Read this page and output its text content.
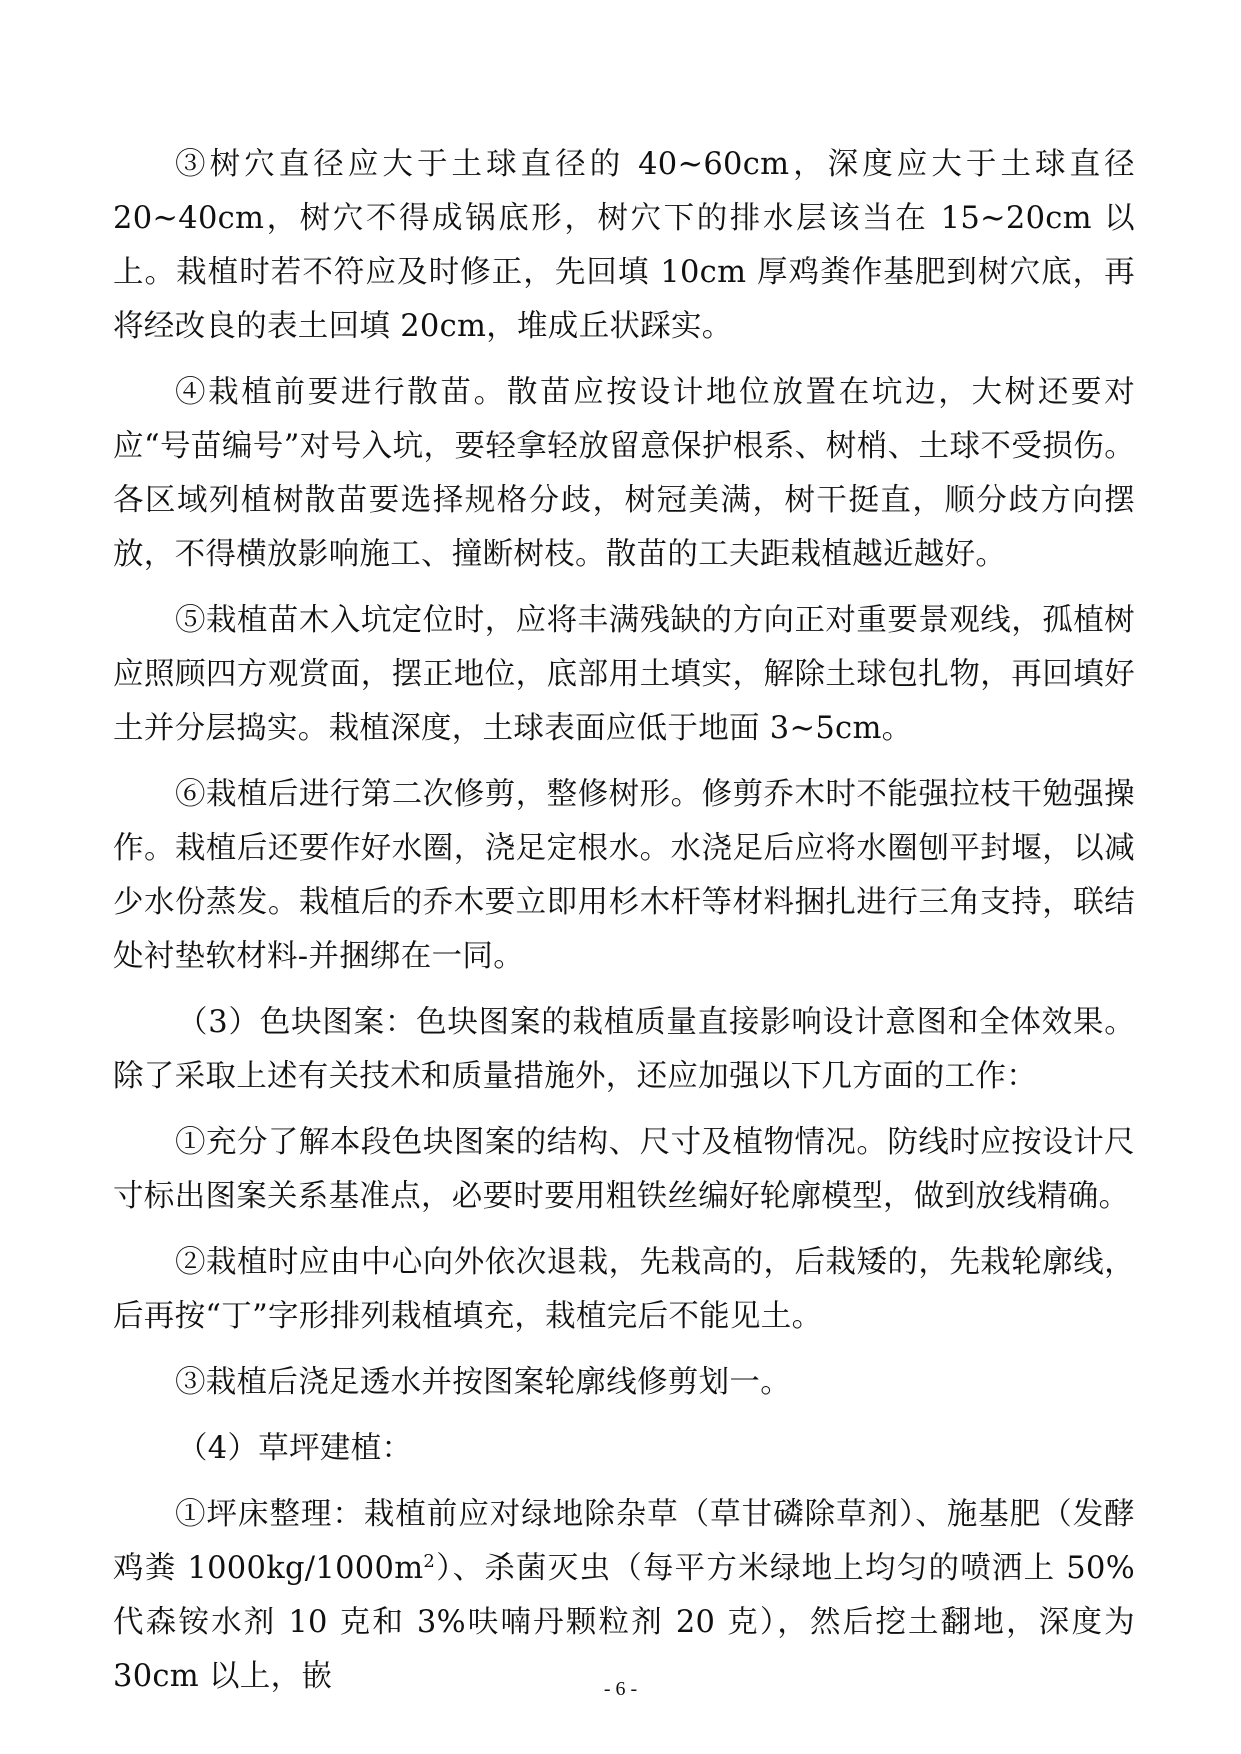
③树穴直径应大于土球直径的 40~60cm，深度应大于土球直径 20~40cm，树穴不得成锅底形，树穴下的排水层该当在 15~20cm 以上。栽植时若不符应及时修正，先回填 10cm 厚鸡粪作基肥到树穴底，再将经改良的表土回填 20cm，堆成丘状踩实。

④栽植前要进行散苗。散苗应按设计地位放置在坑边，大树还要对应“号苗编号”对号入坑，要轻拿轻放留意保护根系、树梢、土球不受损伤。各区域列植树散苗要选择规格分歧，树冠美满，树干挺直，顺分歧方向摆放，不得横放影响施工、撞断树枝。散苗的工夫距栽植越近越好。

⑤栽植苗木入坑定位时，应将丰满残缺的方向正对重要景观线，孤植树应照顾四方观赏面，摆正地位，底部用土填实，解除土球包扎物，再回填好土并分层捣实。栽植深度，土球表面应低于地面 3~5cm。

⑥栽植后进行第二次修剪，整修树形。修剪乔木时不能强拉枝干勉强操作。栽植后还要作好水圈，浇足定根水。水浇足后应将水圈刨平封堰，以减少水份蒸发。栽植后的乔木要立即用杉木杆等材料捆扎进行三角支持，联结处衬垫软材料-并捆绑在一同。

（3）色块图案：色块图案的栽植质量直接影响设计意图和全体效果。除了采取上述有关技术和质量措施外，还应加强以下几方面的工作：

①充分了解本段色块图案的结构、尺寸及植物情况。防线时应按设计尺寸标出图案关系基准点，必要时要用粗铁丝编好轮廓模型，做到放线精确。

②栽植时应由中心向外依次退栽，先栽高的，后栽矮的，先栽轮廓线，后再按“丁”字形排列栽植填充，栽植完后不能见土。

③栽植后浇足透水并按图案轮廓线修剪划一。

（4）草坪建植：

①坪床整理：栽植前应对绿地除杂草（草甘磷除草剂）、施基肥（发酵鸡粪 $1000kg/1000m^2$）、杀菌灭虫（每平方米绿地上均匀的喷洒上 50%代森铵水剂 10 克和 3%呋喃丹颗粒剂 20 克），然后挖土翻地，深度为 30cm 以上，嵌	- 6 -
